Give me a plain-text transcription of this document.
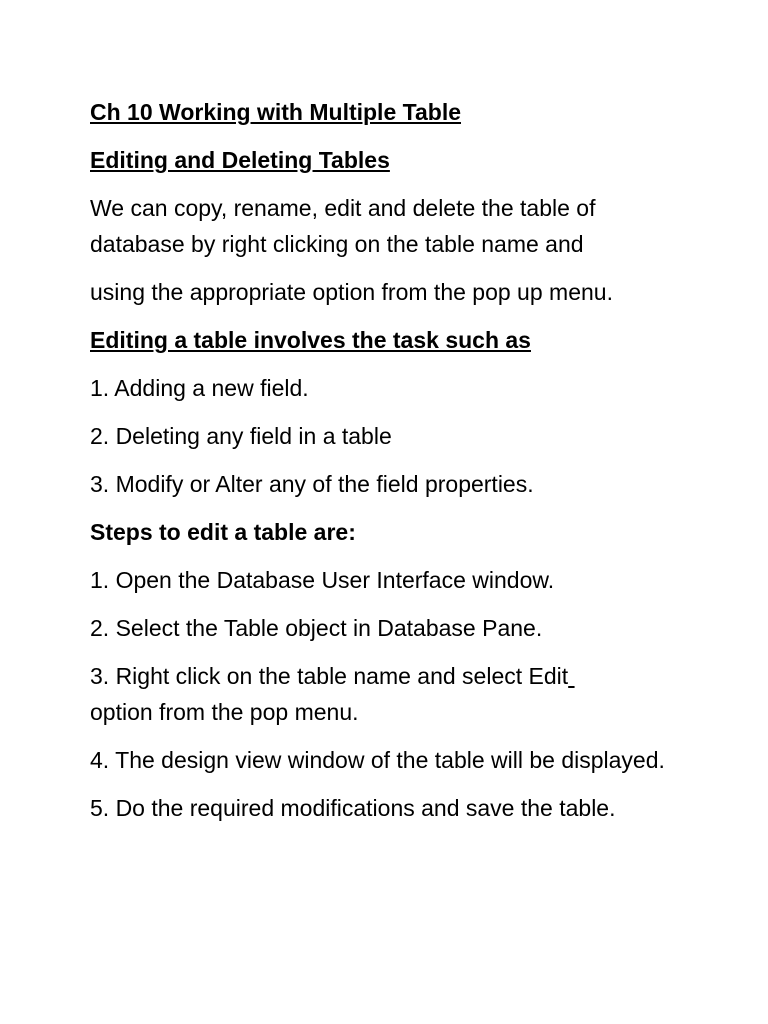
Ch 10 Working with Multiple Table

Editing and Deleting Tables

We can copy, rename, edit and delete the table of database by right clicking on the table name and

using the appropriate option from the pop up menu.

Editing a table involves the task such as

1. Adding a new field.

2. Deleting any field in a table

3. Modify or Alter any of the field properties.

Steps to edit a table are:

1. Open the Database User Interface window.

2. Select the Table object in Database Pane.

3. Right click on the table name and select Edit
option from the pop menu.

4. The design view window of the table will be displayed.

5. Do the required modifications and save the table.
